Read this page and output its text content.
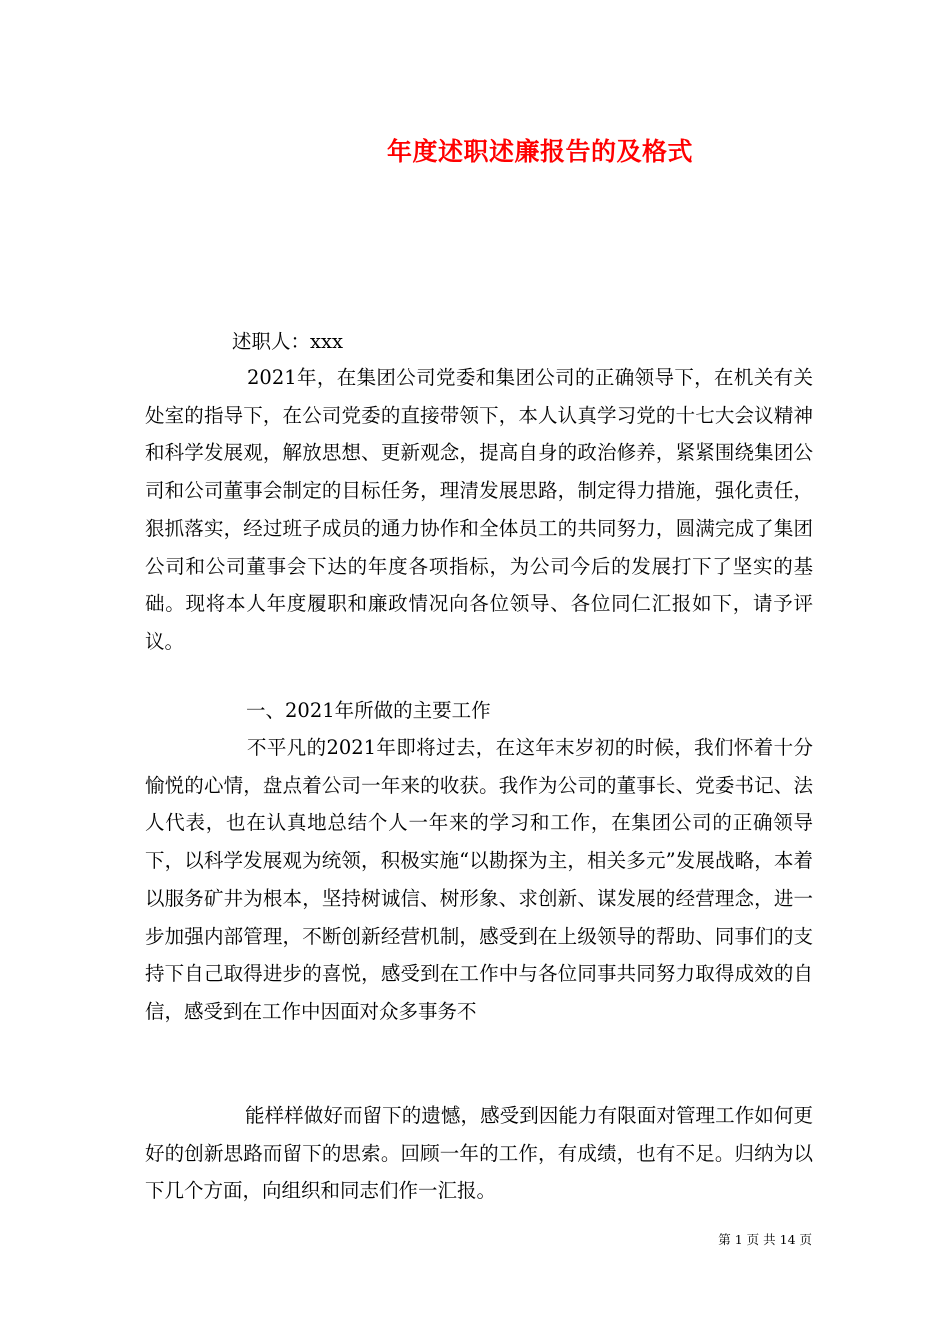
年度述职述廉报告的及格式
述职人：xxx
2021年，在集团公司党委和集团公司的正确领导下，在机关有关处室的指导下，在公司党委的直接带领下，本人认真学习党的十七大会议精神和科学发展观，解放思想、更新观念，提高自身的政治修养，紧紧围绕集团公司和公司董事会制定的目标任务，理清发展思路，制定得力措施，强化责任，狠抓落实，经过班子成员的通力协作和全体员工的共同努力，圆满完成了集团公司和公司董事会下达的年度各项指标，为公司今后的发展打下了坚实的基础。现将本人年度履职和廉政情况向各位领导、各位同仁汇报如下，请予评议。
一、2021年所做的主要工作
不平凡的2021年即将过去，在这年末岁初的时候，我们怀着十分愉悦的心情，盘点着公司一年来的收获。我作为公司的董事长、党委书记、法人代表，也在认真地总结个人一年来的学习和工作，在集团公司的正确领导下，以科学发展观为统领，积极实施“以勘探为主，相关多元”发展战略，本着以服务矿井为根本，坚持树诚信、树形象、求创新、谋发展的经营理念，进一步加强内部管理，不断创新经营机制，感受到在上级领导的帮助、同事们的支持下自己取得进步的喜悦，感受到在工作中与各位同事共同努力取得成效的自信，感受到在工作中因面对众多事务不
能样样做好而留下的遗憾，感受到因能力有限面对管理工作如何更好的创新思路而留下的思索。回顾一年的工作，有成绩，也有不足。归纳为以下几个方面，向组织和同志们作一汇报。
第 1 页 共 14 页
